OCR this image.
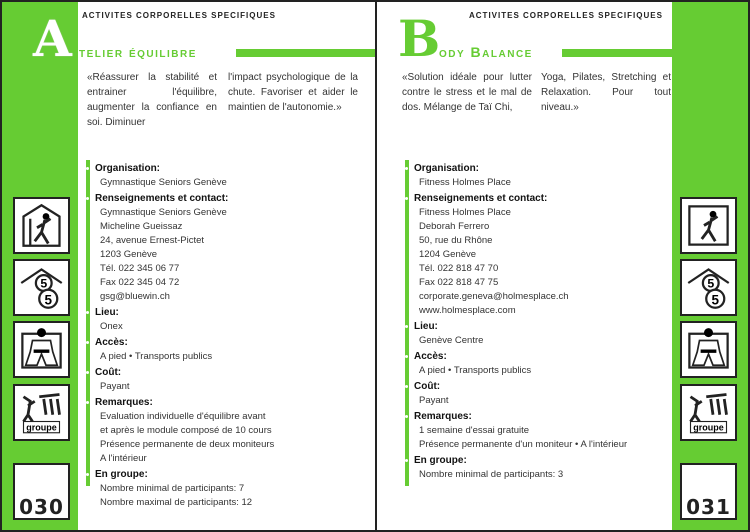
ACTIVITES CORPORELLES SPECIFIQUES
A telier équilibre
«Réassurer la stabilité et entrainer l'équilibre, augmenter la confiance en soi. Diminuer
l'impact psychologique de la chute. Favoriser et aider le maintien de l'autonomie.»
Organisation:
Gymnastique Seniors Genève
Renseignements et contact:
Gymnastique Seniors Genève
Micheline Gueissaz
24, avenue Ernest-Pictet
1203 Genève
Tél. 022 345 06 77
Fax 022 345 04 72
gsg@bluewin.ch
Lieu:
Onex
Accès:
A pied • Transports publics
Coût:
Payant
Remarques:
Evaluation individuelle d'équilibre avant
et après le module composé de 10 cours
Présence permanente de deux moniteurs
A l'intérieur
En groupe:
Nombre minimal de participants: 7
Nombre maximal de participants: 12
5
5
groupe
030
ACTIVITES CORPORELLES SPECIFIQUES
B
ody Balance
«Solution idéale pour lutter contre le stress et le mal de dos. Mélange de Taï Chi,
Yoga, Pilates, Stretching et Relaxation. Pour tout niveau.»
Organisation:
Fitness Holmes Place
Renseignements et contact:
Fitness Holmes Place
Deborah Ferrero
50, rue du Rhône
1204 Genève
Tél. 022 818 47 70
Fax 022 818 47 75
corporate.geneva@holmesplace.ch
www.holmesplace.com
Lieu:
Genève Centre
Accès:
A pied • Transports publics
Coût:
Payant
Remarques:
1 semaine d'essai gratuite
Présence permanente d'un moniteur • A l'intérieur
En groupe:
Nombre minimal de participants: 3
5
5
groupe
031
